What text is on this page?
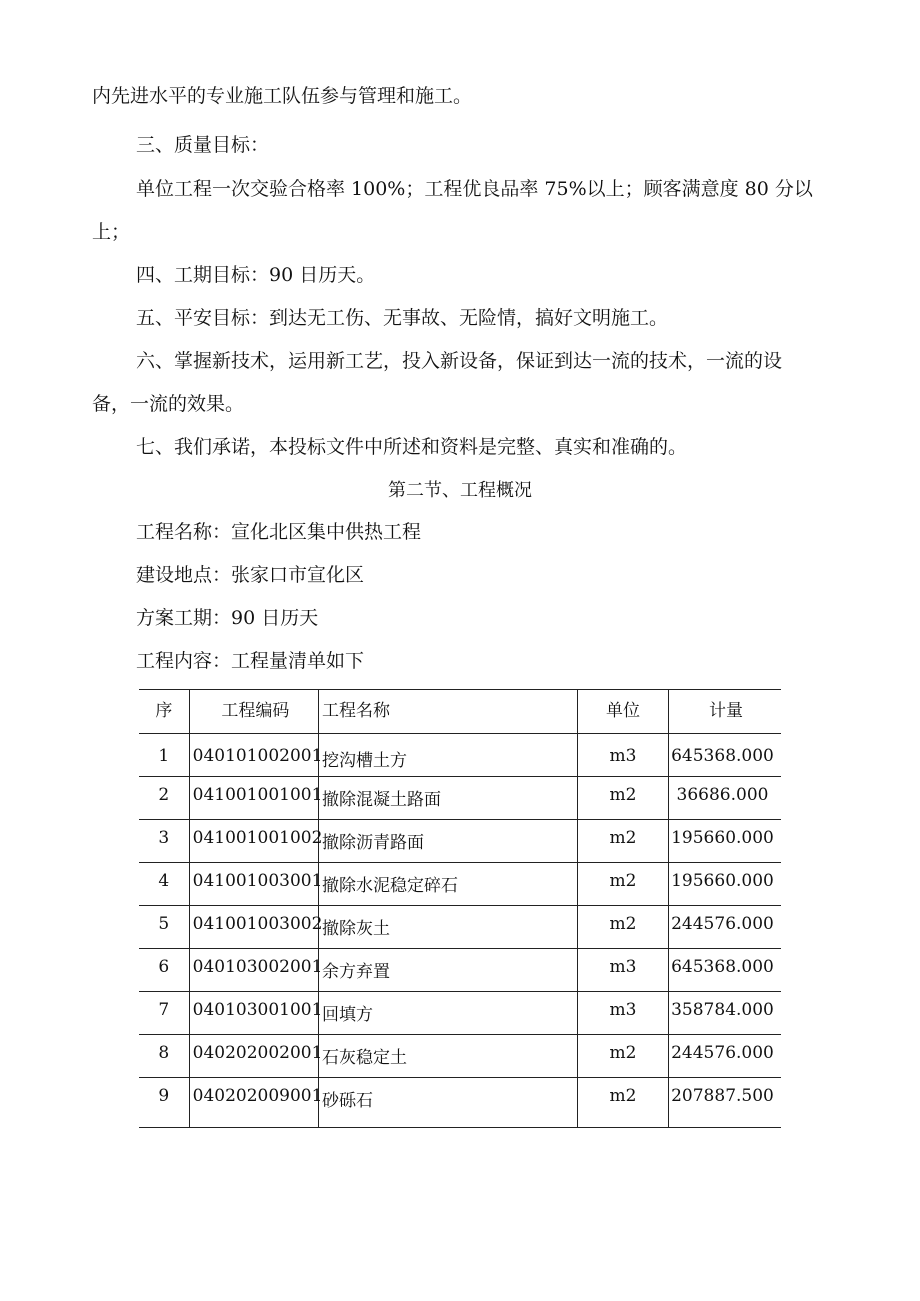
内先进水平的专业施工队伍参与管理和施工。
三、质量目标：
单位工程一次交验合格率 100%；工程优良品率 75%以上；顾客满意度 80 分以
上；
四、工期目标：90 日历天。
五、平安目标：到达无工伤、无事故、无险情，搞好文明施工。
六、掌握新技术，运用新工艺，投入新设备，保证到达一流的技术，一流的设
备，一流的效果。
七、我们承诺，本投标文件中所述和资料是完整、真实和准确的。
第二节、工程概况
工程名称：宣化北区集中供热工程
建设地点：张家口市宣化区
方案工期：90 日历天
工程内容：工程量清单如下
序	工程编码	工程名称	单位	计量
1	040101002001	挖沟槽土方	m3	645368.000
2	041001001001	撤除混凝土路面	m2	36686.000
3	041001001002	撤除沥青路面	m2	195660.000
4	041001003001	撤除水泥稳定碎石	m2	195660.000
5	041001003002	撤除灰土	m2	244576.000
6	040103002001	余方弃置	m3	645368.000
7	040103001001	回填方	m3	358784.000
8	040202002001	石灰稳定土	m2	244576.000
9	040202009001	砂砾石	m2	207887.500
